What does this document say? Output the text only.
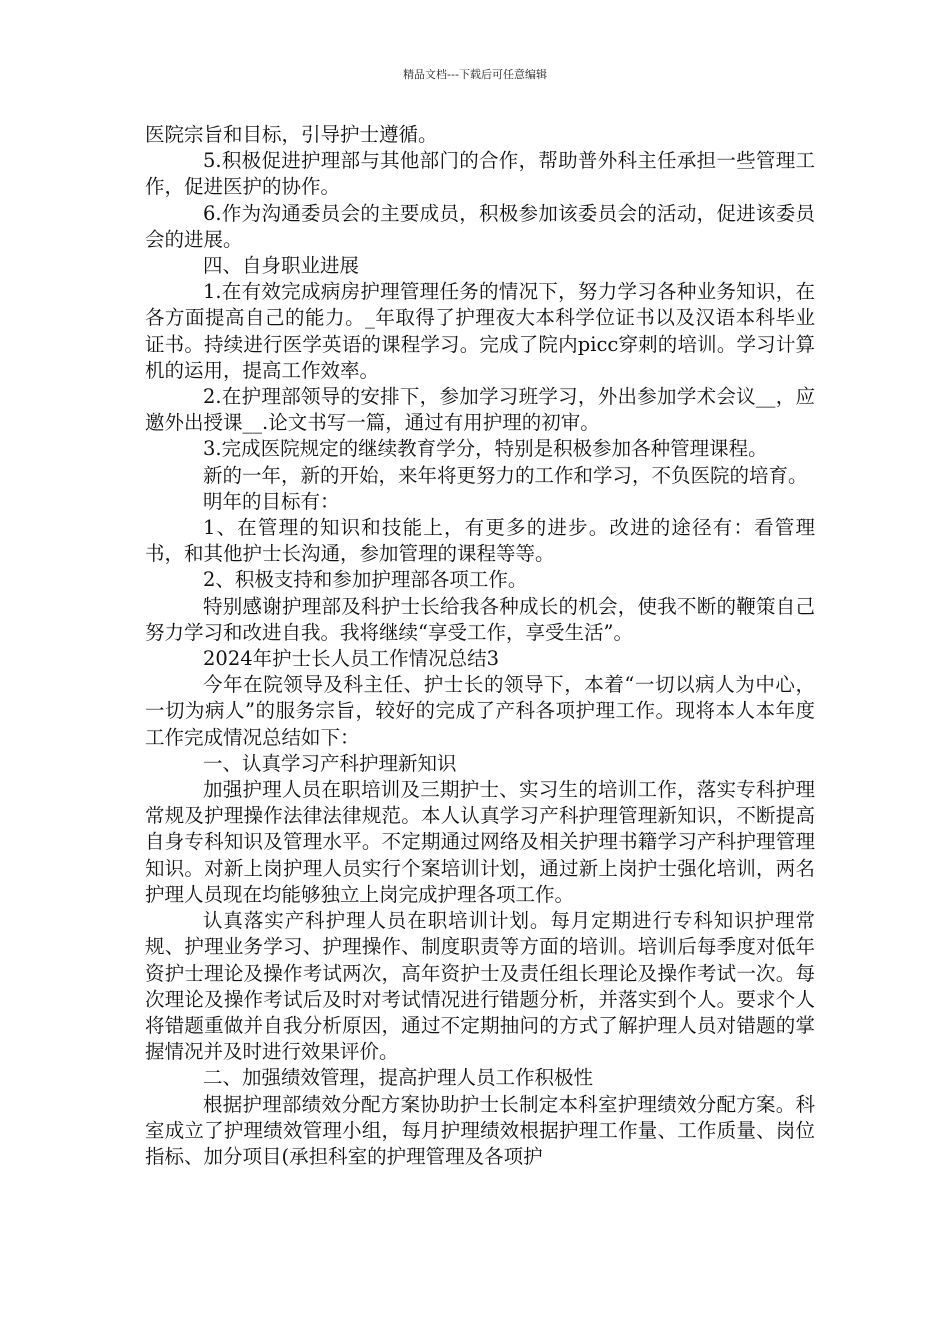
精品文档---下载后可任意编辑

医院宗旨和目标，引导护士遵循。

5.积极促进护理部与其他部门的合作，帮助普外科主任承担一些管理工作，促进医护的协作。

6.作为沟通委员会的主要成员，积极参加该委员会的活动，促进该委员会的进展。

四、自身职业进展

1.在有效完成病房护理管理任务的情况下，努力学习各种业务知识，在各方面提高自己的能力。_年取得了护理夜大本科学位证书以及汉语本科毕业证书。持续进行医学英语的课程学习。完成了院内picc穿刺的培训。学习计算机的运用，提高工作效率。

2.在护理部领导的安排下，参加学习班学习，外出参加学术会议__，应邀外出授课__.论文书写一篇，通过有用护理的初审。

3.完成医院规定的继续教育学分，特别是积极参加各种管理课程。

新的一年，新的开始，来年将更努力的工作和学习，不负医院的培育。

明年的目标有：

1、在管理的知识和技能上，有更多的进步。改进的途径有：看管理书，和其他护士长沟通，参加管理的课程等等。

2、积极支持和参加护理部各项工作。

特别感谢护理部及科护士长给我各种成长的机会，使我不断的鞭策自己努力学习和改进自我。我将继续“享受工作，享受生活”。

2024年护士长人员工作情况总结3

今年在院领导及科主任、护士长的领导下，本着“一切以病人为中心，一切为病人”的服务宗旨，较好的完成了产科各项护理工作。现将本人本年度工作完成情况总结如下：

一、认真学习产科护理新知识

加强护理人员在职培训及三期护士、实习生的培训工作，落实专科护理常规及护理操作法律法律规范。本人认真学习产科护理管理新知识，不断提高自身专科知识及管理水平。不定期通过网络及相关护理书籍学习产科护理管理知识。对新上岗护理人员实行个案培训计划，通过新上岗护士强化培训，两名护理人员现在均能够独立上岗完成护理各项工作。

认真落实产科护理人员在职培训计划。每月定期进行专科知识护理常规、护理业务学习、护理操作、制度职责等方面的培训。培训后每季度对低年资护士理论及操作考试两次，高年资护士及责任组长理论及操作考试一次。每次理论及操作考试后及时对考试情况进行错题分析，并落实到个人。要求个人将错题重做并自我分析原因，通过不定期抽问的方式了解护理人员对错题的掌握情况并及时进行效果评价。

二、加强绩效管理，提高护理人员工作积极性

根据护理部绩效分配方案协助护士长制定本科室护理绩效分配方案。科室成立了护理绩效管理小组，每月护理绩效根据护理工作量、工作质量、岗位指标、加分项目(承担科室的护理管理及各项护
